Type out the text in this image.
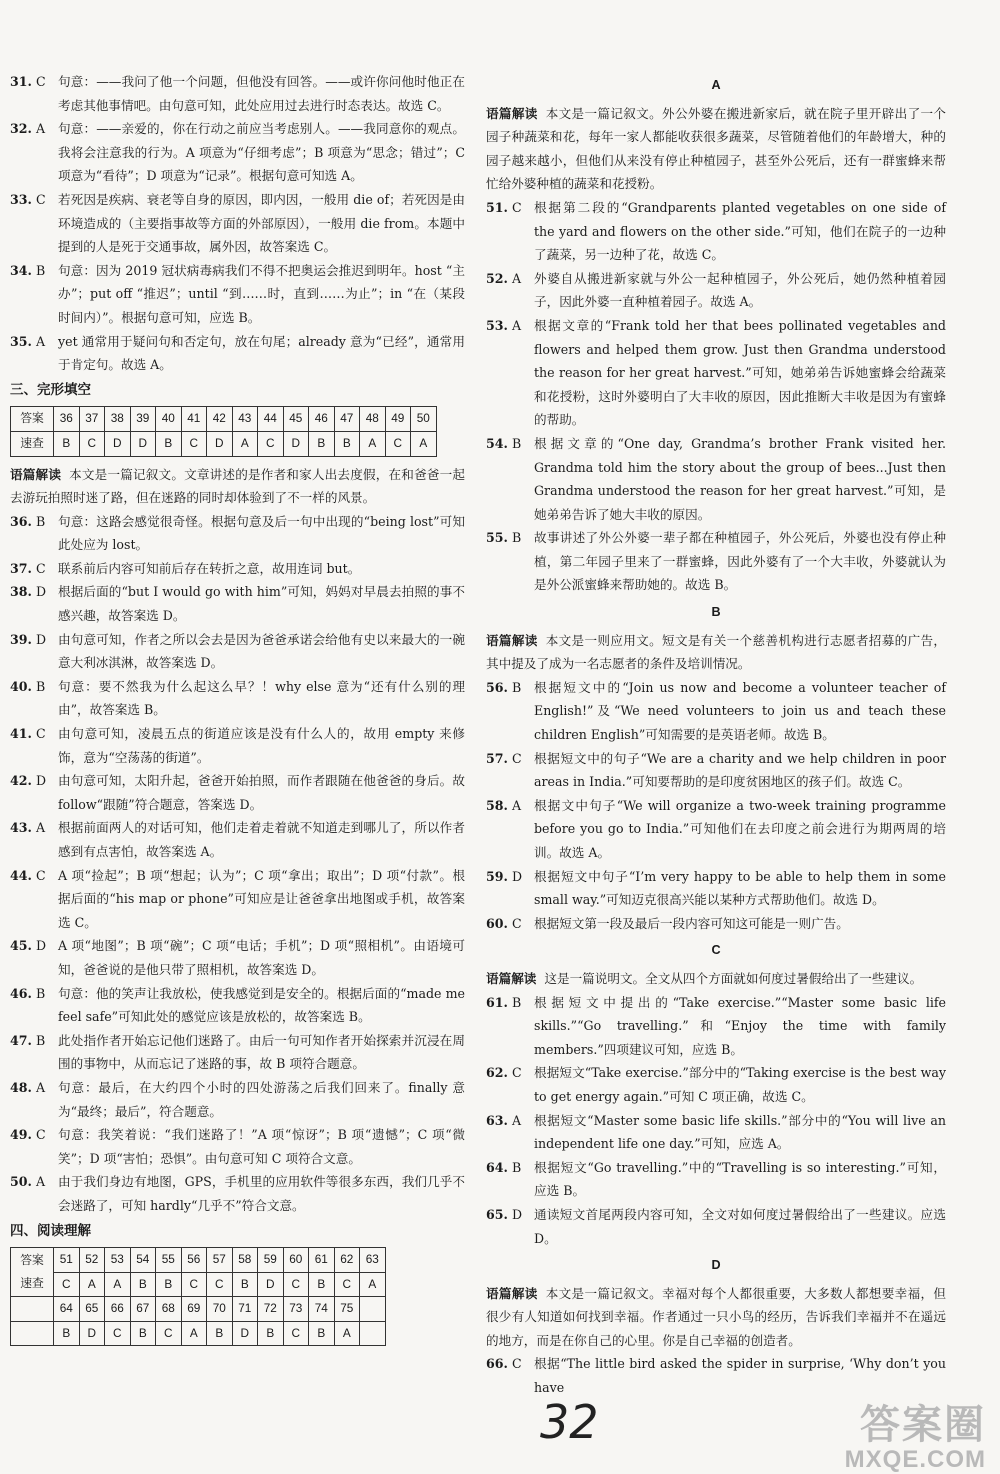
31. C 句意：——我问了他一个问题，但他没有回答。——或许你问他时他正在考虑其他事情吧。由句意可知，此处应用过去进行时态表达。故选 C。
32. A	句意：——亲爱的，你在行动之前应当考虑别人。——我同意你的观点。我将会注意我的行为。A 项意为“仔细考虑”；B 项意为“思念；错过”；C 项意为“看待”；D 项意为“记录”。根据句意可知选 A。
33. C 若死因是疾病、衰老等自身的原因，即内因，一般用 die of；若死因是由环境造成的（主要指事故等方面的外部原因），一般用 die from。本题中提到的人是死于交通事故，属外因，故答案选 C。
34. B	句意：因为 2019 冠状病毒病我们不得不把奥运会推迟到明年。host “主办”；put off “推迟”；until “到……时，直到……为止”；in “在（某段时间内）”。根据句意可知，应选 B。
35. A	yet 通常用于疑问句和否定句，放在句尾；already 意为“已经”，通常用于肯定句。故选 A。
三、完形填空
答案	36	37	38	39	40	41	42	43	44	45	46	47	48	49	50
速查	B	C	D	D	B	C	D	A	C	D	B	B	A	C	A
语篇解读 本文是一篇记叙文。文章讲述的是作者和家人出去度假，在和爸爸一起去游玩拍照时迷了路，但在迷路的同时却体验到了不一样的风景。
36. B	句意：这路会感觉很奇怪。根据句意及后一句中出现的“being lost”可知此处应为 lost。
37. C 联系前后内容可知前后存在转折之意，故用连词 but。
38. D 根据后面的“but I would go with him”可知，妈妈对早晨去拍照的事不感兴趣，故答案选 D。
39. D 由句意可知，作者之所以会去是因为爸爸承诺会给他有史以来最大的一碗意大利冰淇淋，故答案选 D。
40. B	句意：要不然我为什么起这么早？！why else 意为“还有什么别的理由”，故答案选 B。
41. C 由句意可知，凌晨五点的街道应该是没有什么人的，故用 empty 来修饰，意为“空荡荡的街道”。
42. D 由句意可知，太阳升起，爸爸开始拍照，而作者跟随在他爸爸的身后。故 follow“跟随”符合题意，答案选 D。
43. A	根据前面两人的对话可知，他们走着走着就不知道走到哪儿了，所以作者感到有点害怕，故答案选 A。
44. C A 项“捡起”；B 项“想起；认为”；C 项“拿出；取出”；D 项“付款”。根据后面的“his map or phone”可知应是让爸爸拿出地图或手机，故答案选 C。
45. D A 项“地图”；B 项“碗”；C 项“电话；手机”；D 项“照相机”。由语境可知，爸爸说的是他只带了照相机，故答案选 D。
46. B	句意：他的笑声让我放松，使我感觉到是安全的。根据后面的“made me feel safe”可知此处的感觉应该是放松的，故答案选 B。
47. B	此处指作者开始忘记他们迷路了。由后一句可知作者开始探索并沉浸在周围的事物中，从而忘记了迷路的事，故 B 项符合题意。
48. A	句意：最后，在大约四个小时的四处游荡之后我们回来了。finally 意为“最终；最后”，符合题意。
49. C 句意：我笑着说：“我们迷路了！”A 项“惊讶”；B 项“遗憾”；C 项“微笑”；D 项“害怕；恐惧”。由句意可知 C 项符合文意。
50. A	由于我们身边有地图，GPS，手机里的应用软件等很多东西，我们几乎不会迷路了，可知 hardly“几乎不”符合文意。
四、阅读理解
答案
速查	51	52	53	54	55	56	57	58	59	60	61	62	63
	C	A	A	B	B	C	C	B	D	C	B	C	A
	64	65	66	67	68	69	70	71	72	73	74	75	
	B	D	C	B	C	A	B	D	B	C	B	A	
A
语篇解读 本文是一篇记叙文。外公外婆在搬进新家后，就在院子里开辟出了一个园子种蔬菜和花，每年一家人都能收获很多蔬菜，尽管随着他们的年龄增大，种的园子越来越小，但他们从来没有停止种植园子，甚至外公死后，还有一群蜜蜂来帮忙给外婆种植的蔬菜和花授粉。
51. C 根据第二段的“Grandparents planted vegetables on one side of the yard and flowers on the other side.”可知，他们在院子的一边种了蔬菜，另一边种了花，故选 C。
52. A	外婆自从搬进新家就与外公一起种植园子，外公死后，她仍然种植着园子，因此外婆一直种植着园子。故选 A。
53. A	根据文章的“Frank told her that bees pollinated vegetables and flowers and helped them grow. Just then Grandma understood the reason for her great harvest.”可知，她弟弟告诉她蜜蜂会给蔬菜和花授粉，这时外婆明白了大丰收的原因，因此推断大丰收是因为有蜜蜂的帮助。
54. B	根据文章的“One day, Grandma’s brother Frank visited her. Grandma told him the story about the group of bees...Just then Grandma understood the reason for her great harvest.”可知，是她弟弟告诉了她大丰收的原因。
55. B	故事讲述了外公外婆一辈子都在种植园子，外公死后，外婆也没有停止种植，第二年园子里来了一群蜜蜂，因此外婆有了一个大丰收，外婆就认为是外公派蜜蜂来帮助她的。故选 B。
B
语篇解读 本文是一则应用文。短文是有关一个慈善机构进行志愿者招募的广告，其中提及了成为一名志愿者的条件及培训情况。
56. B	根据短文中的“Join us now and become a volunteer teacher of English!”及“We need volunteers to join us and teach these children English”可知需要的是英语老师。故选 B。
57. C 根据短文中的句子“We are a charity and we help children in poor areas in India.”可知要帮助的是印度贫困地区的孩子们。故选 C。
58. A	根据文中句子“We will organize a two-week training programme before you go to India.”可知他们在去印度之前会进行为期两周的培训。故选 A。
59. D 根据短文中句子“I’m very happy to be able to help them in some small way.”可知迈克很高兴能以某种方式帮助他们。故选 D。
60. C 根据短文第一段及最后一段内容可知这可能是一则广告。
C
语篇解读 这是一篇说明文。全文从四个方面就如何度过暑假给出了一些建议。
61. B	根据短文中提出的“Take exercise.”“Master some basic life skills.”“Go travelling.”和“Enjoy the time with family members.”四项建议可知，应选 B。
62. C 根据短文“Take exercise.”部分中的“Taking exercise is the best way to get energy again.”可知 C 项正确，故选 C。
63. A	根据短文“Master some basic life skills.”部分中的“You will live an independent life one day.”可知，应选 A。
64. B	根据短文“Go travelling.”中的“Travelling is so interesting.”可知，应选 B。
65. D 通读短文首尾两段内容可知，全文对如何度过暑假给出了一些建议。应选 D。
D
语篇解读 本文是一篇记叙文。幸福对每个人都很重要，大多数人都想要幸福，但很少有人知道如何找到幸福。作者通过一只小鸟的经历，告诉我们幸福并不在遥远的地方，而是在你自己的心里。你是自己幸福的创造者。
66. C 根据“The little bird asked the spider in surprise, ‘Why don’t you have
32	答案圈
MXQE.COM
